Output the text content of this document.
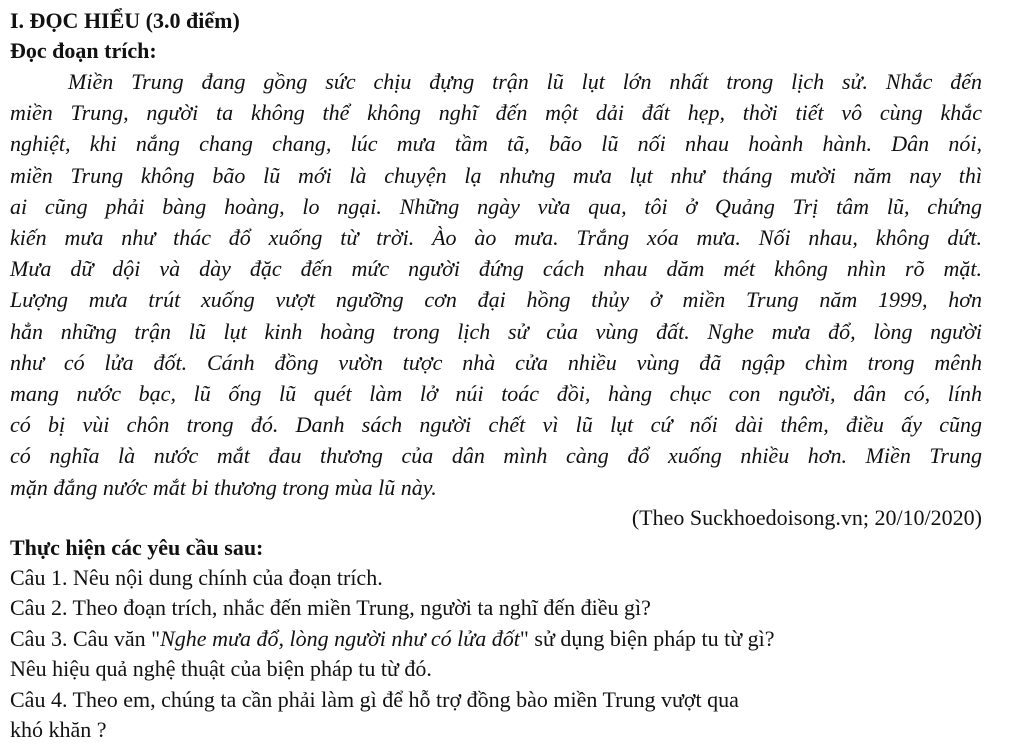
I. ĐỌC HIỂU (3.0 điểm)

Đọc đoạn trích:

Miền Trung đang gồng sức chịu đựng trận lũ lụt lớn nhất trong lịch sử. Nhắc đến
miền Trung, người ta không thể không nghĩ đến một dải đất hẹp, thời tiết vô cùng khắc
nghiệt, khi nắng chang chang, lúc mưa tầm tã, bão lũ nối nhau hoành hành. Dân nói,
miền Trung không bão lũ mới là chuyện lạ nhưng mưa lụt như tháng mười năm nay thì
ai cũng phải bàng hoàng, lo ngại. Những ngày vừa qua, tôi ở Quảng Trị tâm lũ, chứng
kiến mưa như thác đổ xuống từ trời. Ào ào mưa. Trắng xóa mưa. Nối nhau, không dứt.
Mưa dữ dội và dày đặc đến mức người đứng cách nhau dăm mét không nhìn rõ mặt.
Lượng mưa trút xuống vượt ngưỡng cơn đại hồng thủy ở miền Trung năm 1999, hơn
hẳn những trận lũ lụt kinh hoàng trong lịch sử của vùng đất. Nghe mưa đổ, lòng người
như có lửa đốt. Cánh đồng vườn tược nhà cửa nhiều vùng đã ngập chìm trong mênh
mang nước bạc, lũ ống lũ quét làm lở núi toác đồi, hàng chục con người, dân có, lính
có bị vùi chôn trong đó. Danh sách người chết vì lũ lụt cứ nối dài thêm, điều ấy cũng
có nghĩa là nước mắt đau thương của dân mình càng đổ xuống nhiều hơn. Miền Trung
mặn đắng nước mắt bi thương trong mùa lũ này.

(Theo Suckhoedoisong.vn; 20/10/2020)

Thực hiện các yêu cầu sau:

Câu 1. Nêu nội dung chính của đoạn trích.

Câu 2. Theo đoạn trích, nhắc đến miền Trung, người ta nghĩ đến điều gì?

Câu 3. Câu văn "Nghe mưa đổ, lòng người như có lửa đốt" sử dụng biện pháp tu từ gì?

Nêu hiệu quả nghệ thuật của biện pháp tu từ đó.

Câu 4. Theo em, chúng ta cần phải làm gì để hỗ trợ đồng bào miền Trung vượt qua

khó khăn ?
